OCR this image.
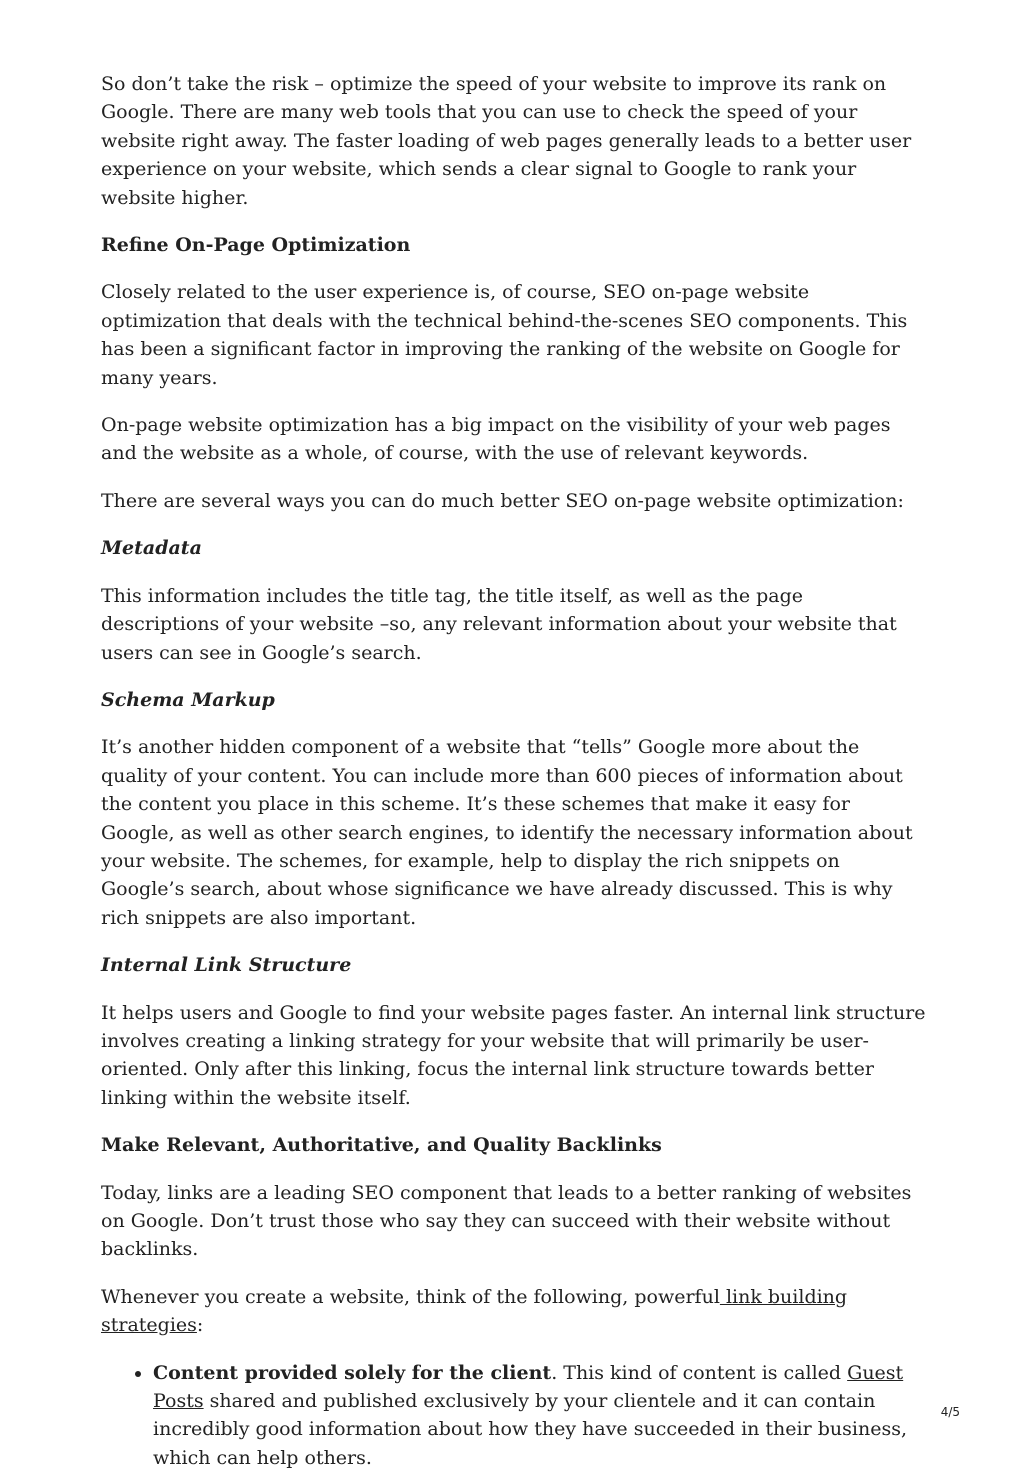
So don’t take the risk – optimize the speed of your website to improve its rank on Google. There are many web tools that you can use to check the speed of your website right away. The faster loading of web pages generally leads to a better user experience on your website, which sends a clear signal to Google to rank your website higher.

Refine On-Page Optimization

Closely related to the user experience is, of course, SEO on-page website optimization that deals with the technical behind-the-scenes SEO components. This has been a significant factor in improving the ranking of the website on Google for many years.

On-page website optimization has a big impact on the visibility of your web pages and the website as a whole, of course, with the use of relevant keywords.

There are several ways you can do much better SEO on-page website optimization:

Metadata

This information includes the title tag, the title itself, as well as the page descriptions of your website –so, any relevant information about your website that users can see in Google’s search.

Schema Markup

It’s another hidden component of a website that “tells” Google more about the quality of your content. You can include more than 600 pieces of information about the content you place in this scheme. It’s these schemes that make it easy for Google, as well as other search engines, to identify the necessary information about your website. The schemes, for example, help to display the rich snippets on Google’s search, about whose significance we have already discussed. This is why rich snippets are also important.

Internal Link Structure

It helps users and Google to find your website pages faster. An internal link structure involves creating a linking strategy for your website that will primarily be user-oriented. Only after this linking, focus the internal link structure towards better linking within the website itself.

Make Relevant, Authoritative, and Quality Backlinks

Today, links are a leading SEO component that leads to a better ranking of websites on Google. Don’t trust those who say they can succeed with their website without backlinks.

Whenever you create a website, think of the following, powerful link building strategies:

• Content provided solely for the client. This kind of content is called Guest Posts shared and published exclusively by your clientele and it can contain incredibly good information about how they have succeeded in their business, which can help others.
4/5
